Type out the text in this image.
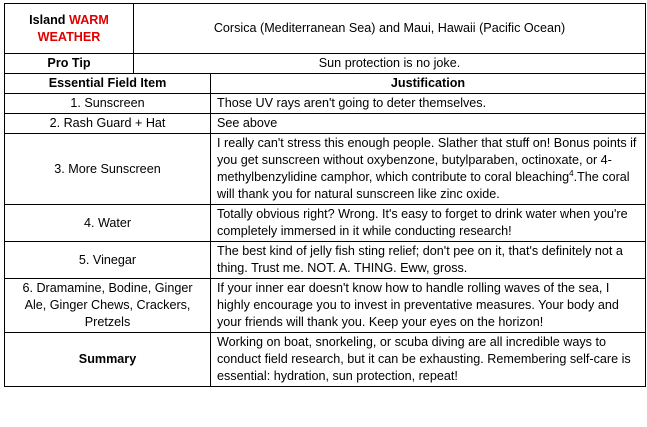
Island WARM
WEATHER	Corsica (Mediterranean Sea) and Maui, Hawaii (Pacific Ocean)	
Pro Tip	Sun protection is no joke.	
Essential Field Item		Justification
1. Sunscreen		Those UV rays aren't going to deter themselves.
2. Rash Guard + Hat		See above
3. More Sunscreen		I really can't stress this enough people. Slather that stuff on! Bonus points if you get sunscreen without oxybenzone, butylparaben, octinoxate, or 4-methylbenzylidine camphor, which contribute to coral bleaching$^4$.The coral will thank you for natural sunscreen like zinc oxide.
4. Water		Totally obvious right? Wrong. It's easy to forget to drink water when you're completely immersed in it while conducting research!
5. Vinegar		The best kind of jelly fish sting relief; don't pee on it, that's definitely not a thing. Trust me. NOT. A. THING. Eww, gross.
6. Dramamine, Bodine, Ginger Ale, Ginger Chews, Crackers, Pretzels		If your inner ear doesn't know how to handle rolling waves of the sea, I highly encourage you to invest in preventative measures. Your body and your friends will thank you. Keep your eyes on the horizon!
Summary		Working on boat, snorkeling, or scuba diving are all incredible ways to conduct field research, but it can be exhausting. Remembering self-care is essential: hydration, sun protection, repeat!
